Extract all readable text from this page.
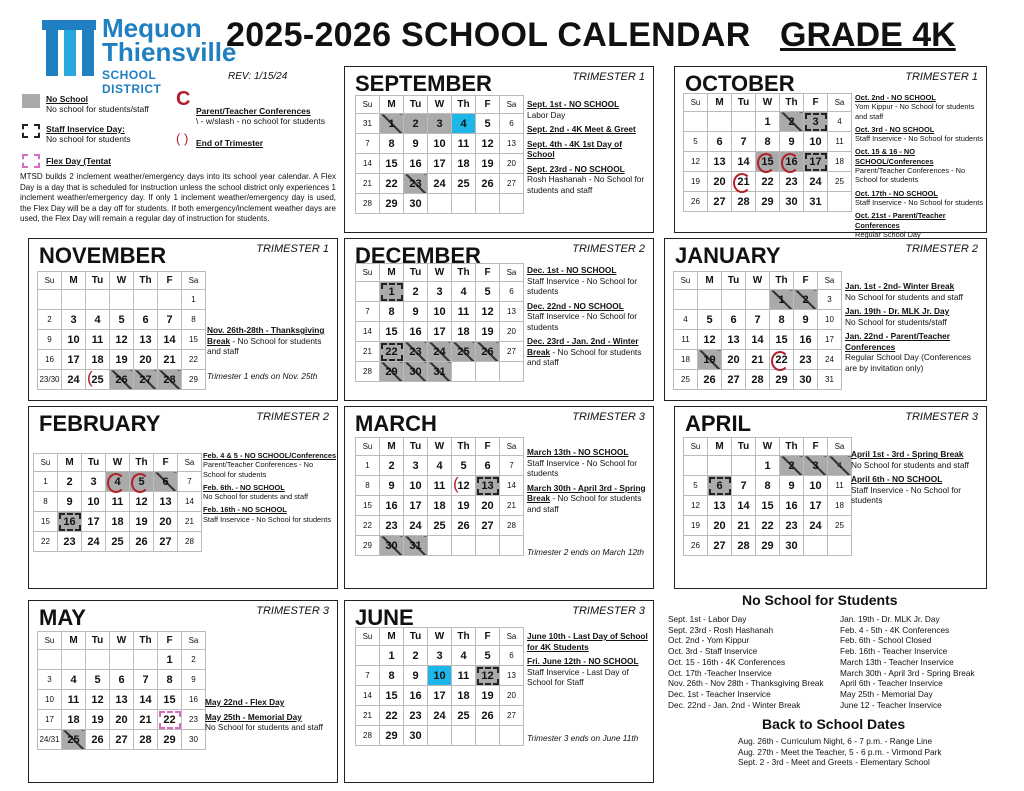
Mequon
Thiensville
SCHOOL DISTRICT
2025-2026 SCHOOL CALENDAR GRADE 4K
REV: 1/15/24
No School
No school for students/staff
Staff Inservice Day:
No school for students
Flex Day (Tentat
C
Parent/Teacher Conferences
\ - w/slash - no school for students
( ) End of Trimester
MTSD builds 2 inclement weather/emergency days into its school year calendar. A Flex Day is a day that is scheduled for instruction unless the school district only experiences 1 inclement weather/emergency day. If only 1 inclement weather/emergency day is used, the Flex Day will be a day off for students. If both emergency/inclement weather days are used, the Flex Day will remain a regular day of instruction for students.
SEPTEMBER	TRIMESTER 1
Su	M	Tu	W	Th	F	Sa
31	1	2	3	4	5	6
7	8	9	10	11	12	13
14	15	16	17	18	19	20
21	22	23	24	25	26	27
28	29	30				

Sept. 1st - NO SCHOOL
Labor Day

Sept. 2nd - 4K Meet & Greet

Sept. 4th - 4K 1st Day of School

Sept. 23rd - NO SCHOOL
Rosh Hashanah - No School for students and staff

OCTOBER	TRIMESTER 1
Su	M	Tu	W	Th	F	Sa
			1	2	3	4
5	6	7	8	9	10	11
12	13	14	15	16	17	18
19	20	21	22	23	24	25
26	27	28	29	30	31	

Oct. 2nd - NO SCHOOL
Yom Kippur - No School for students and staff

Oct. 3rd - NO SCHOOL
Staff Inservice - No School for students

Oct. 15 & 16 - NO SCHOOL/Conferences
Parent/Teacher Conferences - No School for students

Oct. 17th - NO SCHOOL
Staff Inservice - No School for students

Oct. 21st - Parent/Teacher Conferences
Regular School Day

NOVEMBER	TRIMESTER 1
Su	M	Tu	W	Th	F	Sa
						1
2	3	4	5	6	7	8
9	10	11	12	13	14	15
16	17	18	19	20	21	22
23/30	24	( 25	26	27	28	29

Nov. 26th-28th - Thanksgiving Break - No School for students and staff

Trimester 1 ends on Nov. 25th
DECEMBER	TRIMESTER 2
Su	M	Tu	W	Th	F	Sa
	1	2	3	4	5	6
7	8	9	10	11	12	13
14	15	16	17	18	19	20
21	22	23	24	25	26	27
28	29	30	31			

Dec. 1st - NO SCHOOL
Staff Inservice - No School for students

Dec. 22nd - NO SCHOOL
Staff Inservice - No School for students

Dec. 23rd - Jan. 2nd - Winter Break - No School for students and staff

JANUARY	TRIMESTER 2
Su	M	Tu	W	Th	F	Sa
				1	2	3
4	5	6	7	8	9	10
11	12	13	14	15	16	17
18	19	20	21	22	23	24
25	26	27	28	29	30	31

Jan. 1st - 2nd- Winter Break
No School for students and staff

Jan. 19th - Dr. MLK Jr. Day
No School for students/staff

Jan. 22nd - Parent/Teacher Conferences
Regular School Day (Conferences are by invitation only)

FEBRUARY	TRIMESTER 2
Su	M	Tu	W	Th	F	Sa
1	2	3	4	5	6	7
8	9	10	11	12	13	14
15	16	17	18	19	20	21
22	23	24	25	26	27	28

Feb. 4 & 5 - NO SCHOOL/Conferences
Parent/Teacher Conferences - No School for students

Feb. 6th. - NO SCHOOL
No School for students and staff

Feb. 16th - NO SCHOOL
Staff Inservice - No School for students

MARCH	TRIMESTER 3
Su	M	Tu	W	Th	F	Sa
1	2	3	4	5	6	7
8	9	10	11	( 12	13	14
15	16	17	18	19	20	21
22	23	24	25	26	27	28
29	30	31				

March 13th - NO SCHOOL
Staff Inservice - No School for students

March 30th - April 3rd - Spring Break - No School for students and staff

Trimester 2 ends on March 12th
APRIL	TRIMESTER 3
Su	M	Tu	W	Th	F	Sa
			1	2	3	4
5	6	7	8	9	10	11
12	13	14	15	16	17	18
19	20	21	22	23	24	25
26	27	28	29	30		

April 1st - 3rd - Spring Break
No School for students and staff

April 6th - NO SCHOOL
Staff Inservice - No School for students

MAY	TRIMESTER 3
Su	M	Tu	W	Th	F	Sa
					1	2
3	4	5	6	7	8	9
10	11	12	13	14	15	16
17	18	19	20	21	22	23
24/31	25	26	27	28	29	30

May 22nd - Flex Day

May 25th - Memorial Day
No School for students and staff

JUNE	TRIMESTER 3
Su	M	Tu	W	Th	F	Sa
	1	2	3	4	5	6
7	8	9	10	11	12	13
14	15	16	17	18	19	20
21	22	23	24	25	26	27
28	29	30				

June 10th - Last Day of School for 4K Students

Fri. June 12th - NO SCHOOL
Staff Inservice - Last Day of School for Staff

Trimester 3 ends on June 11th
No School for Students
Sept. 1st - Labor Day
Sept. 23rd - Rosh Hashanah
Oct. 2nd - Yom Kippur
Oct. 3rd - Staff Inservice
Oct. 15 - 16th - 4K Conferences
Oct. 17th -Teacher Inservice
Nov. 26th - Nov 28th - Thanksgiving Break
Dec. 1st - Teacher Inservice
Dec. 22nd - Jan. 2nd - Winter Break
Jan. 19th - Dr. MLK Jr. Day
Feb. 4 - 5th - 4K Conferences
Feb. 6th - School Closed
Feb. 16th - Teacher Inservice
March 13th - Teacher Inservice
March 30th - April 3rd - Spring Break
April 6th - Teacher Inservice
May 25th - Memorial Day
June 12 - Teacher Inservice
Back to School Dates
Aug. 26th - Curriculum Night, 6 - 7 p.m. - Range Line
Aug. 27th - Meet the Teacher, 5 - 6 p.m. - Virmond Park
Sept. 2 - 3rd - Meet and Greets - Elementary School
